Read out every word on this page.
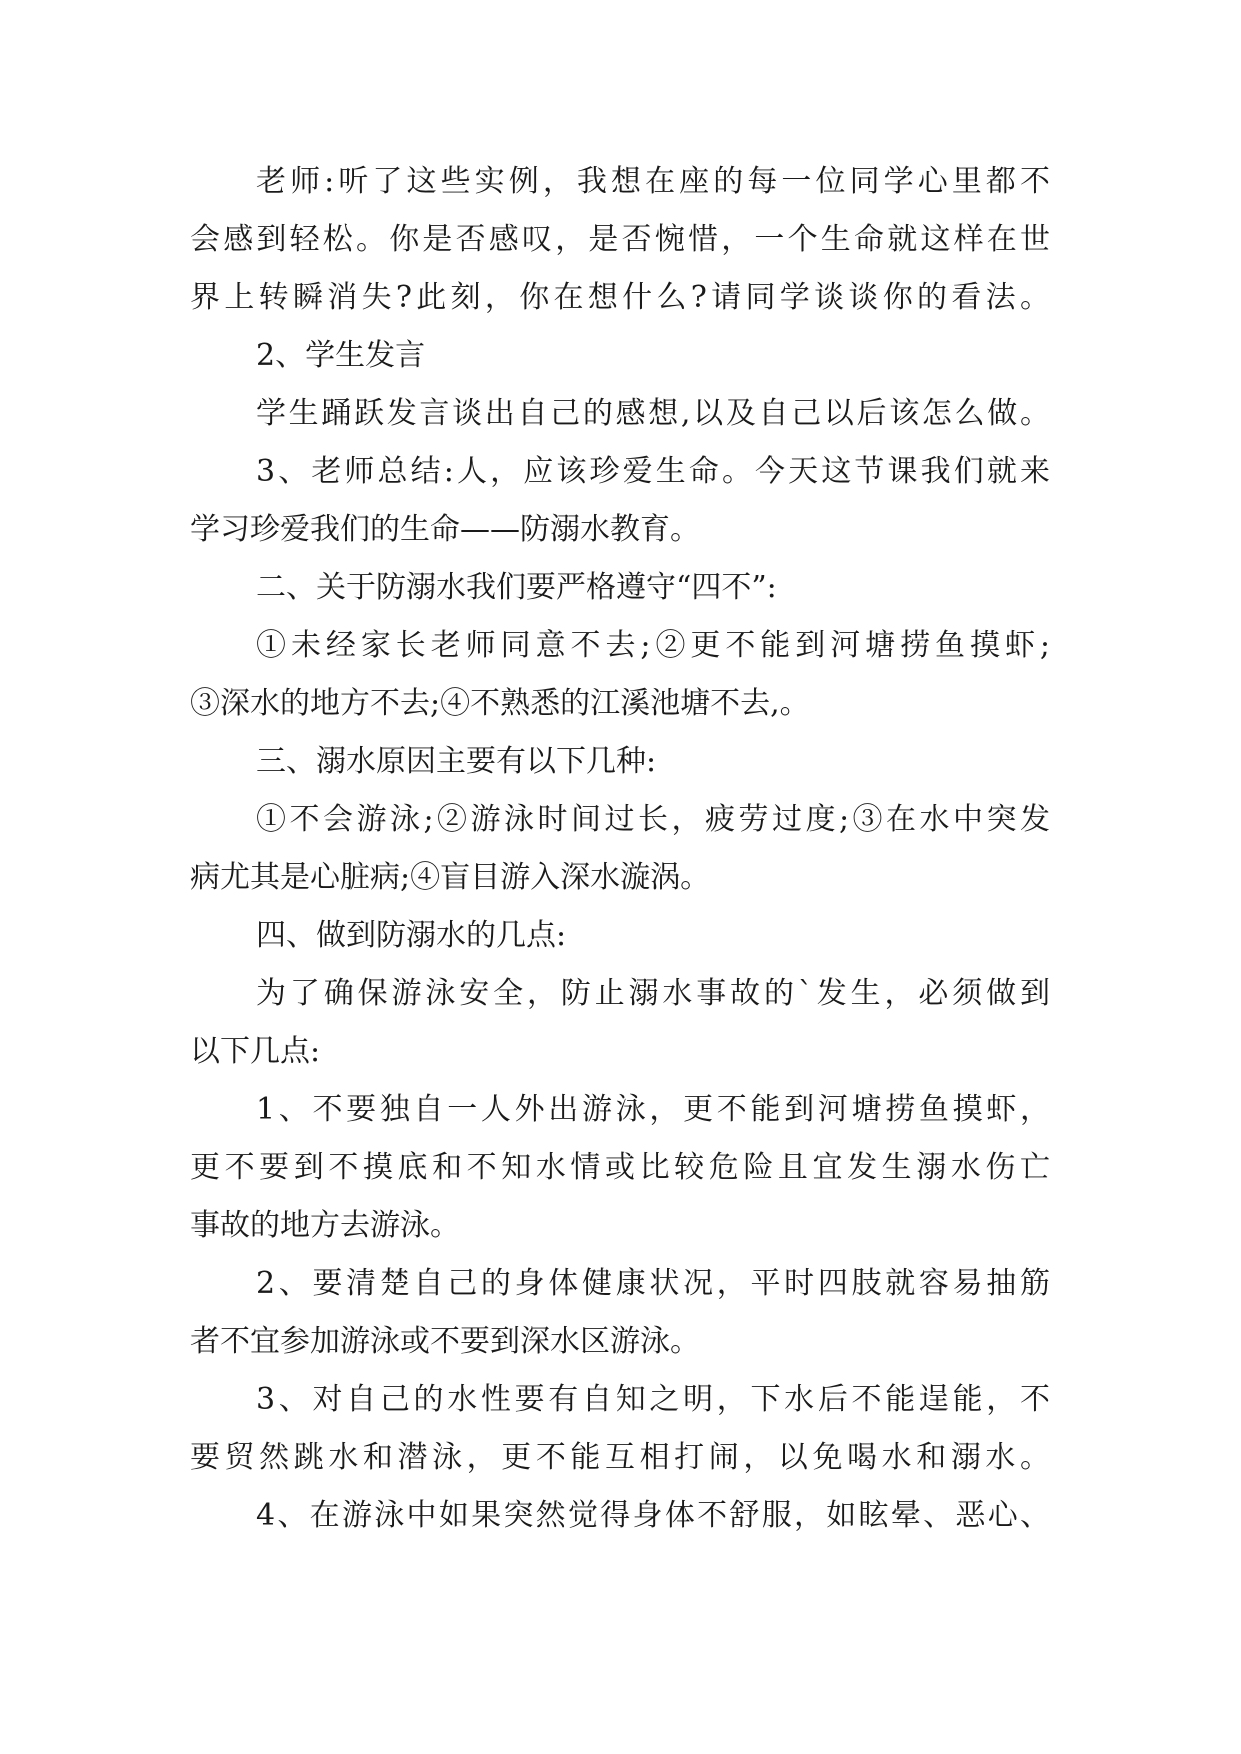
老师:听了这些实例，我想在座的每一位同学心里都不
会感到轻松。你是否感叹，是否惋惜，一个生命就这样在世
界上转瞬消失?此刻，你在想什么?请同学谈谈你的看法。
2、学生发言
学生踊跃发言谈出自己的感想,以及自己以后该怎么做。
3、老师总结:人，应该珍爱生命。今天这节课我们就来
学习珍爱我们的生命——防溺水教育。
二、关于防溺水我们要严格遵守“四不”:
①未经家长老师同意不去;②更不能到河塘捞鱼摸虾;
③深水的地方不去;④不熟悉的江溪池塘不去,。
三、溺水原因主要有以下几种:
①不会游泳;②游泳时间过长，疲劳过度;③在水中突发
病尤其是心脏病;④盲目游入深水漩涡。
四、做到防溺水的几点:
为了确保游泳安全，防止溺水事故的`发生，必须做到
以下几点:
1、不要独自一人外出游泳，更不能到河塘捞鱼摸虾，
更不要到不摸底和不知水情或比较危险且宜发生溺水伤亡
事故的地方去游泳。
2、要清楚自己的身体健康状况，平时四肢就容易抽筋
者不宜参加游泳或不要到深水区游泳。
3、对自己的水性要有自知之明，下水后不能逞能，不
要贸然跳水和潜泳，更不能互相打闹，以免喝水和溺水。
4、在游泳中如果突然觉得身体不舒服，如眩晕、恶心、
